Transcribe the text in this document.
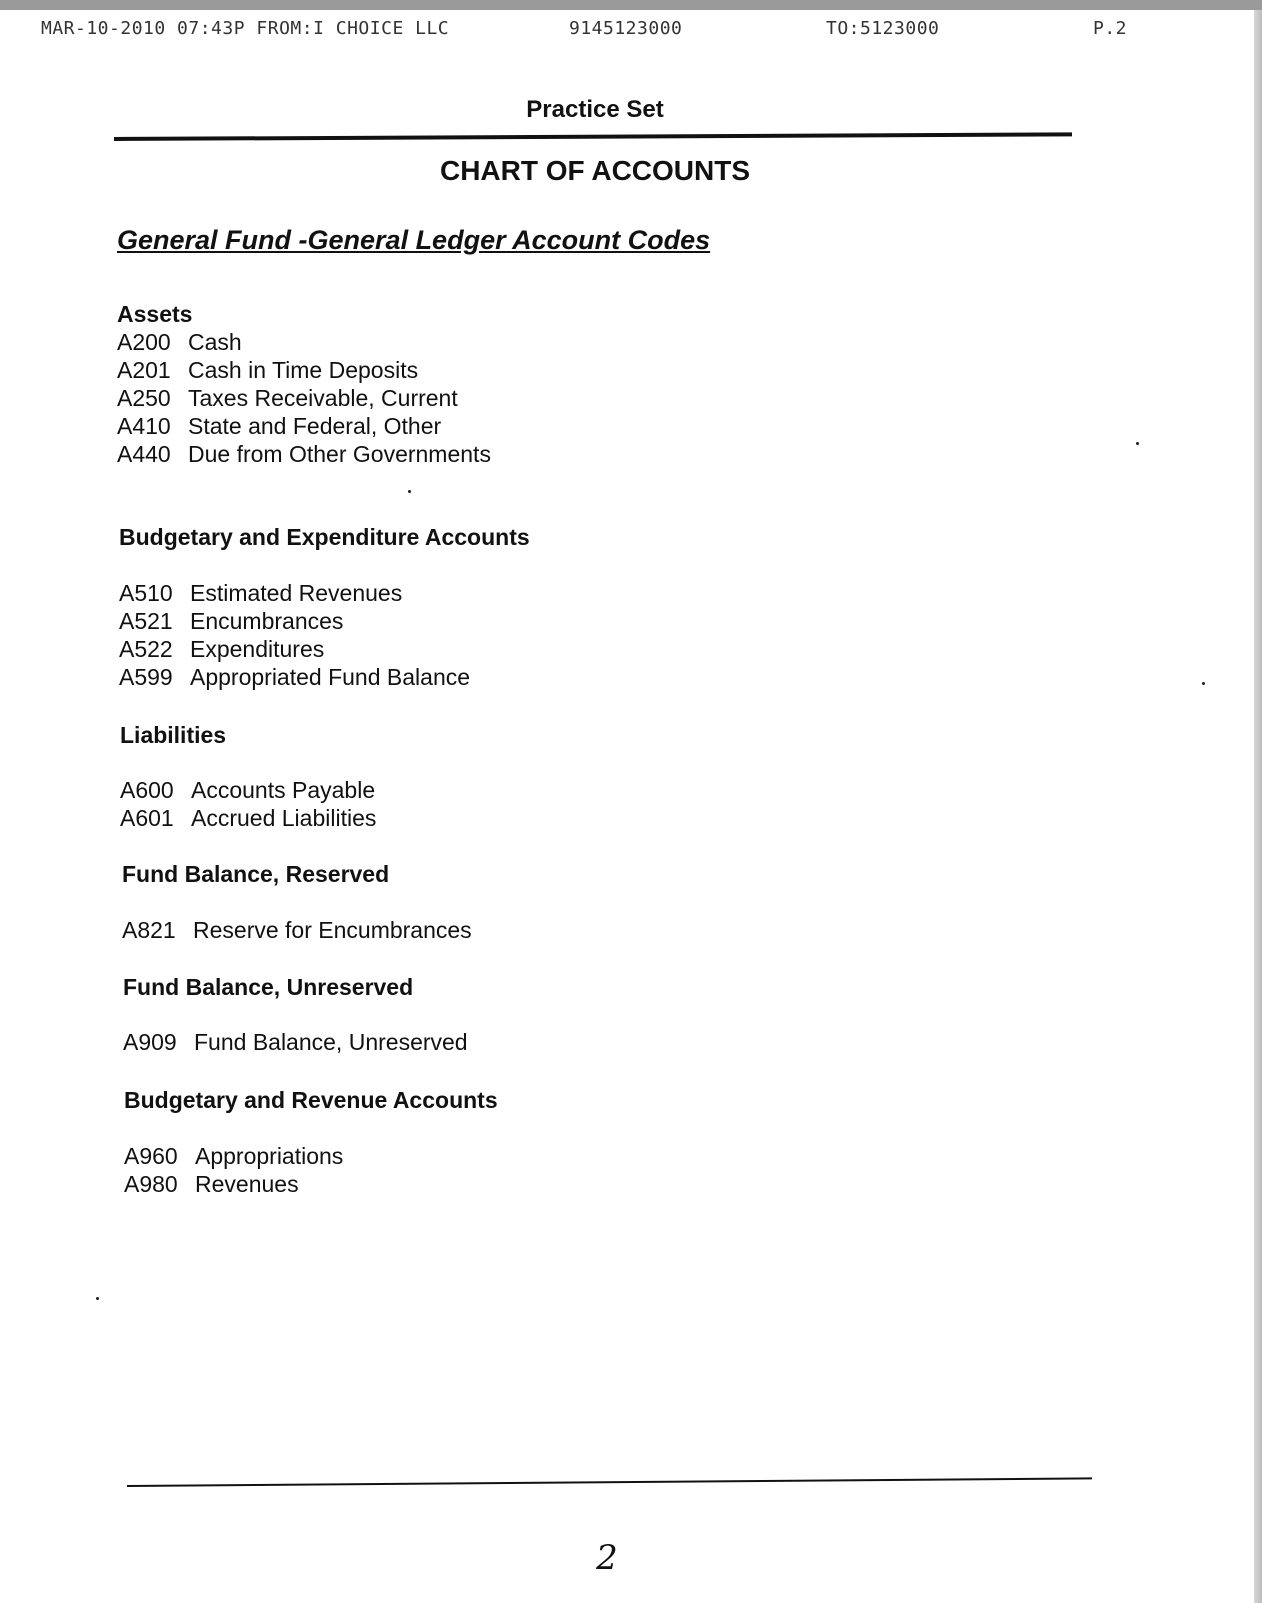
MAR-10-2010 07:43P FROM:I CHOICE LLC	9145123000	TO:5123000	P.2
Practice Set
CHART OF ACCOUNTS
General Fund -General Ledger Account Codes
Assets
A200 Cash
A201 Cash in Time Deposits
A250 Taxes Receivable, Current
A410 State and Federal, Other
A440 Due from Other Governments
Budgetary and Expenditure Accounts
A510 Estimated Revenues
A521 Encumbrances
A522 Expenditures
A599 Appropriated Fund Balance
Liabilities
A600 Accounts Payable
A601 Accrued Liabilities
Fund Balance, Reserved
A821 Reserve for Encumbrances
Fund Balance, Unreserved
A909 Fund Balance, Unreserved
Budgetary and Revenue Accounts
A960 Appropriations
A980 Revenues
2
